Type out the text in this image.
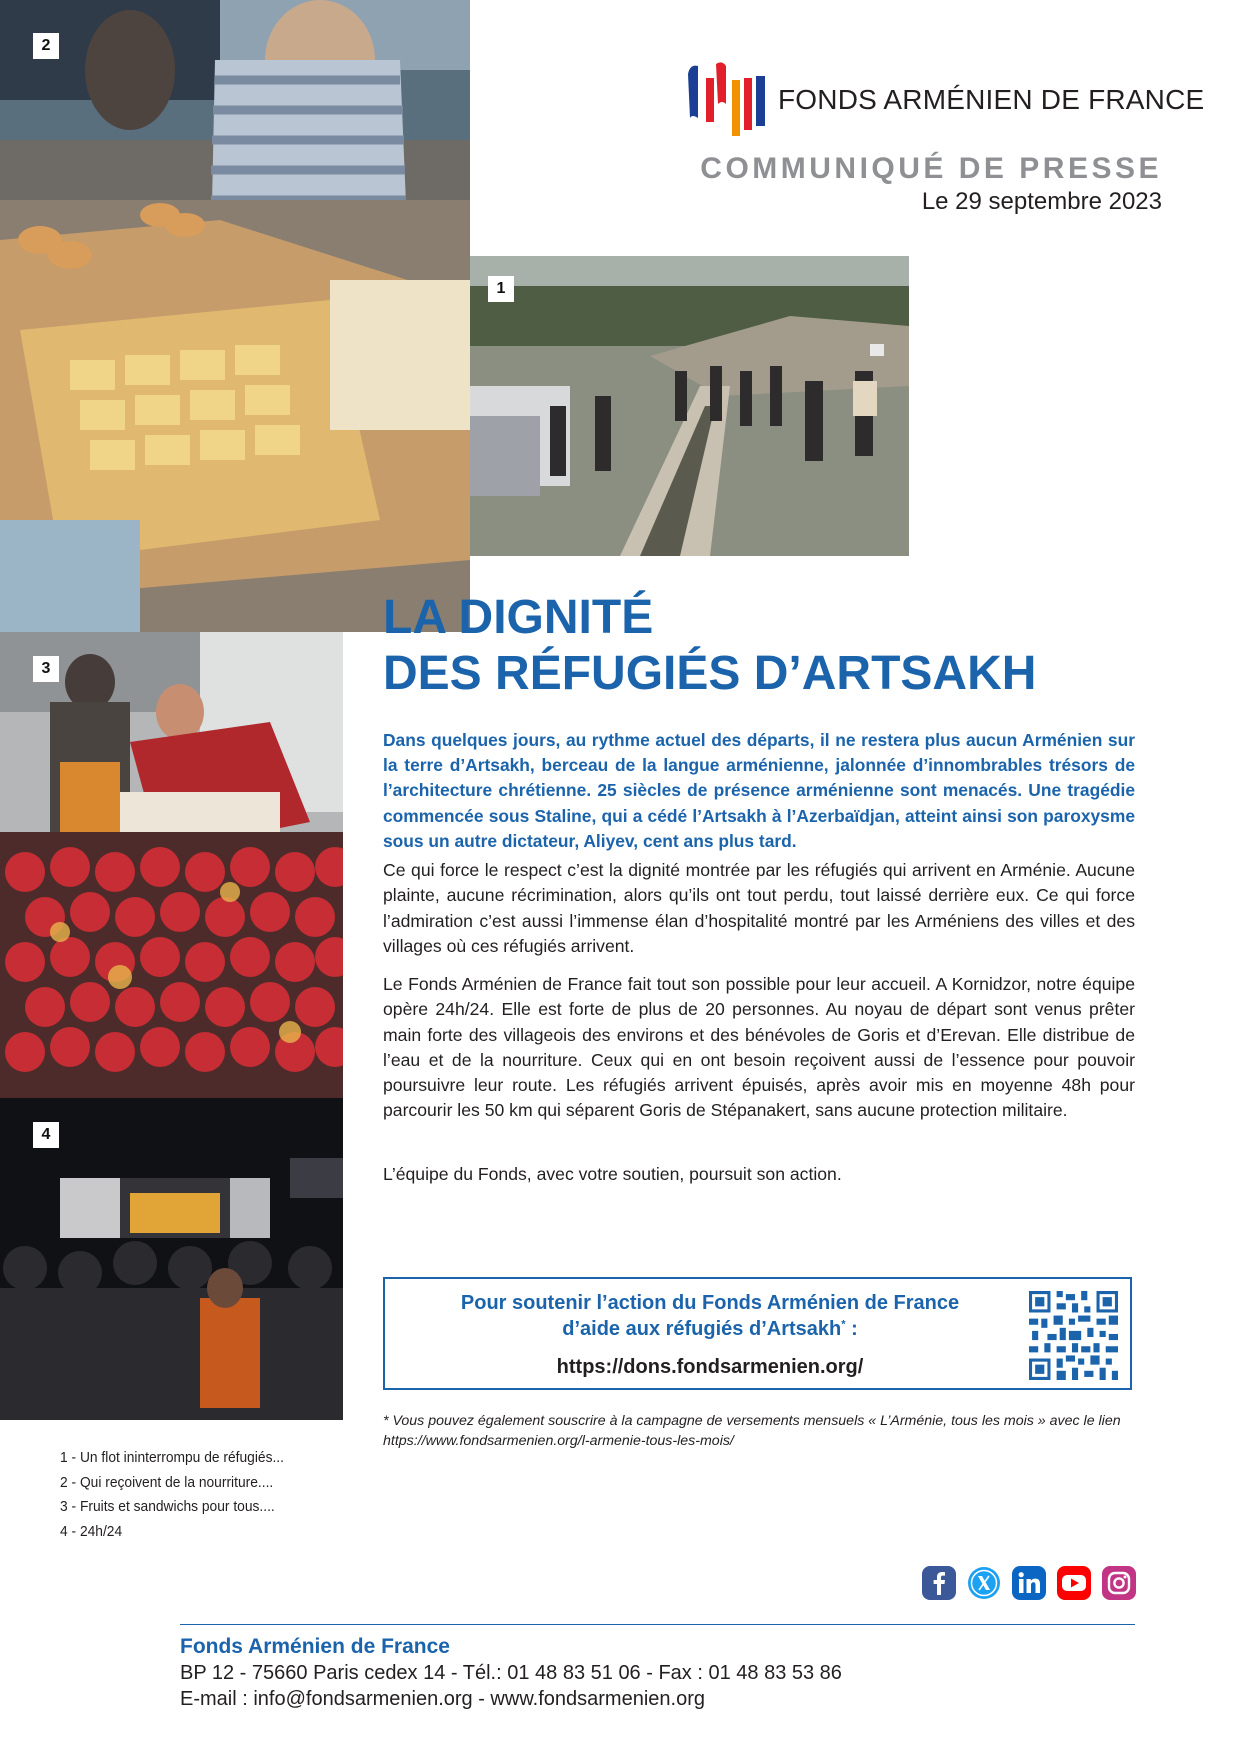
2
1
3
4
FONDS ARMÉNIEN DE FRANCE
COMMUNIQUÉ DE PRESSE
Le 29 septembre 2023
LA DIGNITÉ
DES RÉFUGIÉS D’ARTSAKH
Dans quelques jours, au rythme actuel des départs, il ne restera plus aucun Arménien sur la terre d’Artsakh, berceau de la langue arménienne, jalonnée d’innombrables trésors de l’architecture chrétienne. 25 siècles de présence arménienne sont menacés. Une tragédie commencée sous Staline, qui a cédé l’Artsakh à l’Azerbaïdjan, atteint ainsi son paroxysme sous un autre dictateur, Aliyev, cent ans plus tard.

Ce qui force le respect c’est la dignité montrée par les réfugiés qui arrivent en Arménie. Aucune plainte, aucune récrimination, alors qu’ils ont tout perdu, tout laissé derrière eux. Ce qui force l’admiration c’est aussi l’immense élan d’hospitalité montré par les Arméniens des villes et des villages où ces réfugiés arrivent.

Le Fonds Arménien de France fait tout son possible pour leur accueil. A Kornidzor, notre équipe opère 24h/24. Elle est forte de plus de 20 personnes. Au noyau de départ sont venus prêter main forte des villageois des environs et des bénévoles de Goris et d’Erevan. Elle distribue de l’eau et de la nourriture. Ceux qui en ont besoin reçoivent aussi de l’essence pour pouvoir poursuivre leur route. Les réfugiés arrivent épuisés, après avoir mis en moyenne 48h pour parcourir les 50 km qui séparent Goris de Stépanakert, sans aucune protection militaire.

L’équipe du Fonds, avec votre soutien, poursuit son action.

Pour soutenir l’action du Fonds Arménien de France
d’aide aux réfugiés d’Artsakh* :
https://dons.fondsarmenien.org/
* Vous pouvez également souscrire à la campagne de versements mensuels « L’Arménie, tous les mois » avec le lien https://www.fondsarmenien.org/l-armenie-tous-les-mois/
1 - Un flot ininterrompu de réfugiés...
2 - Qui reçoivent de la nourriture....
3 - Fruits et sandwichs pour tous....
4 - 24h/24
Fonds Arménien de France
BP 12 - 75660 Paris cedex 14 - Tél.: 01 48 83 51 06 - Fax : 01 48 83 53 86
E-mail : info@fondsarmenien.org - www.fondsarmenien.org
